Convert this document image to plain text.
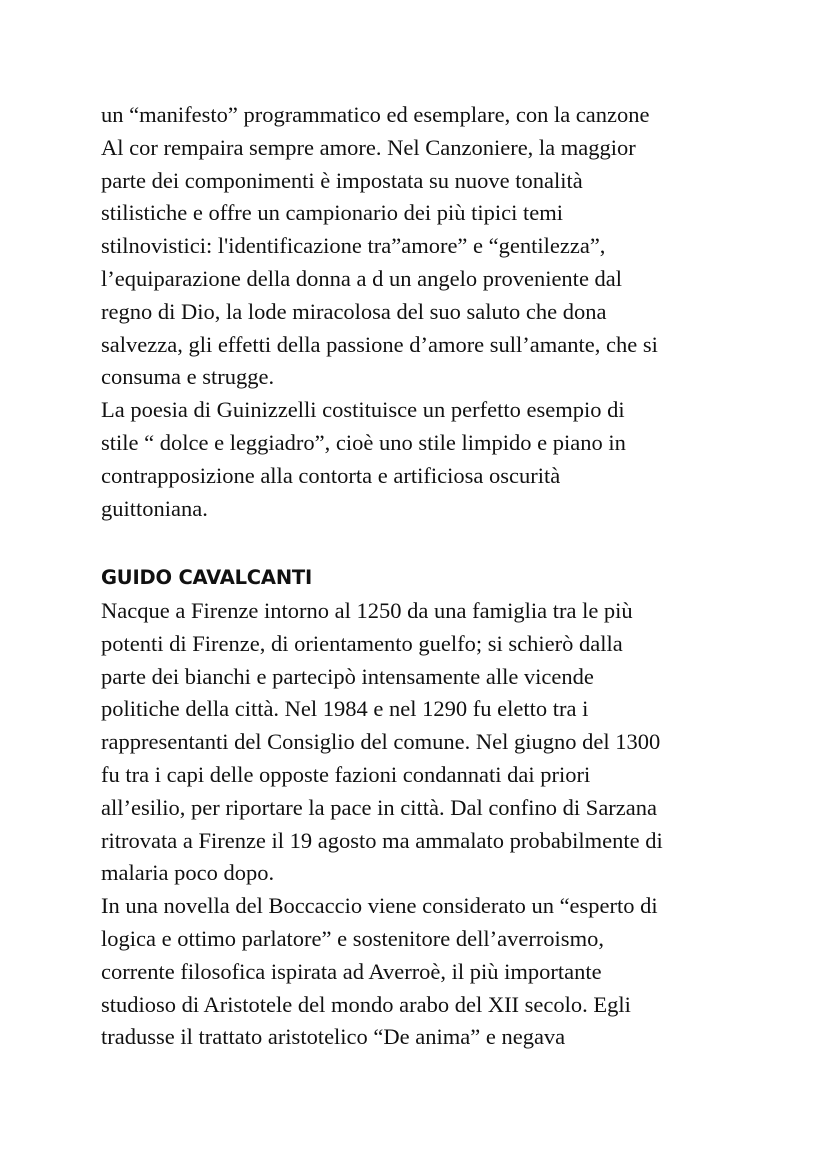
un “manifesto” programmatico ed esemplare, con la canzone
Al cor rempaira sempre amore. Nel Canzoniere, la maggior
parte dei componimenti è impostata su nuove tonalità
stilistiche e offre un campionario dei più tipici temi
stilnovistici: l'identificazione tra”amore” e “gentilezza”,
l’equiparazione della donna a d un angelo proveniente dal
regno di Dio, la lode miracolosa del suo saluto che dona
salvezza, gli effetti della passione d’amore sull’amante, che si
consuma e strugge.
La poesia di Guinizzelli costituisce un perfetto esempio di
stile “ dolce e leggiadro”, cioè uno stile limpido e piano in
contrapposizione alla contorta e artificiosa oscurità
guittoniana.
GUIDO CAVALCANTI
Nacque a Firenze intorno al 1250 da una famiglia tra le più
potenti di Firenze, di orientamento guelfo; si schierò dalla
parte dei bianchi e partecipò intensamente alle vicende
politiche della città. Nel 1984 e nel 1290 fu eletto tra i
rappresentanti del Consiglio del comune. Nel giugno del 1300
fu tra i capi delle opposte fazioni condannati dai priori
all’esilio, per riportare la pace in città. Dal confino di Sarzana
ritrovata a Firenze il 19 agosto ma ammalato probabilmente di
malaria poco dopo.
In una novella del Boccaccio viene considerato un “esperto di
logica e ottimo parlatore” e sostenitore dell’averroismo,
corrente filosofica ispirata ad Averroè, il più importante
studioso di Aristotele del mondo arabo del XII secolo. Egli
tradusse il trattato aristotelico “De anima” e negava
